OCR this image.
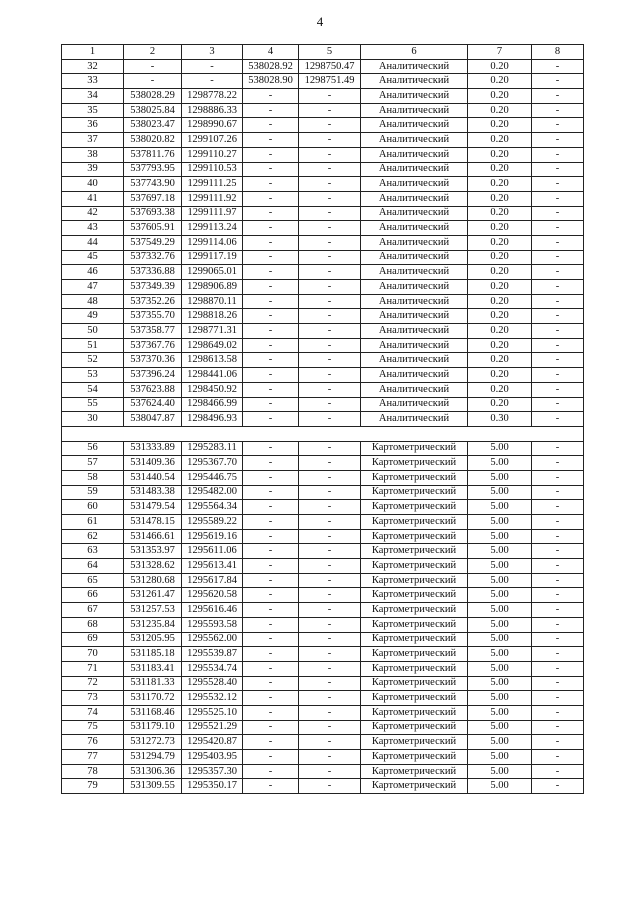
4
1	2	3	4	5	6	7	8
32	-	-	538028.92	1298750.47	Аналитический	0.20	-
33	-	-	538028.90	1298751.49	Аналитический	0.20	-
34	538028.29	1298778.22	-	-	Аналитический	0.20	-
35	538025.84	1298886.33	-	-	Аналитический	0.20	-
36	538023.47	1298990.67	-	-	Аналитический	0.20	-
37	538020.82	1299107.26	-	-	Аналитический	0.20	-
38	537811.76	1299110.27	-	-	Аналитический	0.20	-
39	537793.95	1299110.53	-	-	Аналитический	0.20	-
40	537743.90	1299111.25	-	-	Аналитический	0.20	-
41	537697.18	1299111.92	-	-	Аналитический	0.20	-
42	537693.38	1299111.97	-	-	Аналитический	0.20	-
43	537605.91	1299113.24	-	-	Аналитический	0.20	-
44	537549.29	1299114.06	-	-	Аналитический	0.20	-
45	537332.76	1299117.19	-	-	Аналитический	0.20	-
46	537336.88	1299065.01	-	-	Аналитический	0.20	-
47	537349.39	1298906.89	-	-	Аналитический	0.20	-
48	537352.26	1298870.11	-	-	Аналитический	0.20	-
49	537355.70	1298818.26	-	-	Аналитический	0.20	-
50	537358.77	1298771.31	-	-	Аналитический	0.20	-
51	537367.76	1298649.02	-	-	Аналитический	0.20	-
52	537370.36	1298613.58	-	-	Аналитический	0.20	-
53	537396.24	1298441.06	-	-	Аналитический	0.20	-
54	537623.88	1298450.92	-	-	Аналитический	0.20	-
55	537624.40	1298466.99	-	-	Аналитический	0.20	-
30	538047.87	1298496.93	-	-	Аналитический	0.30	-

56	531333.89	1295283.11	-	-	Картометрический	5.00	-
57	531409.36	1295367.70	-	-	Картометрический	5.00	-
58	531440.54	1295446.75	-	-	Картометрический	5.00	-
59	531483.38	1295482.00	-	-	Картометрический	5.00	-
60	531479.54	1295564.34	-	-	Картометрический	5.00	-
61	531478.15	1295589.22	-	-	Картометрический	5.00	-
62	531466.61	1295619.16	-	-	Картометрический	5.00	-
63	531353.97	1295611.06	-	-	Картометрический	5.00	-
64	531328.62	1295613.41	-	-	Картометрический	5.00	-
65	531280.68	1295617.84	-	-	Картометрический	5.00	-
66	531261.47	1295620.58	-	-	Картометрический	5.00	-
67	531257.53	1295616.46	-	-	Картометрический	5.00	-
68	531235.84	1295593.58	-	-	Картометрический	5.00	-
69	531205.95	1295562.00	-	-	Картометрический	5.00	-
70	531185.18	1295539.87	-	-	Картометрический	5.00	-
71	531183.41	1295534.74	-	-	Картометрический	5.00	-
72	531181.33	1295528.40	-	-	Картометрический	5.00	-
73	531170.72	1295532.12	-	-	Картометрический	5.00	-
74	531168.46	1295525.10	-	-	Картометрический	5.00	-
75	531179.10	1295521.29	-	-	Картометрический	5.00	-
76	531272.73	1295420.87	-	-	Картометрический	5.00	-
77	531294.79	1295403.95	-	-	Картометрический	5.00	-
78	531306.36	1295357.30	-	-	Картометрический	5.00	-
79	531309.55	1295350.17	-	-	Картометрический	5.00	-
